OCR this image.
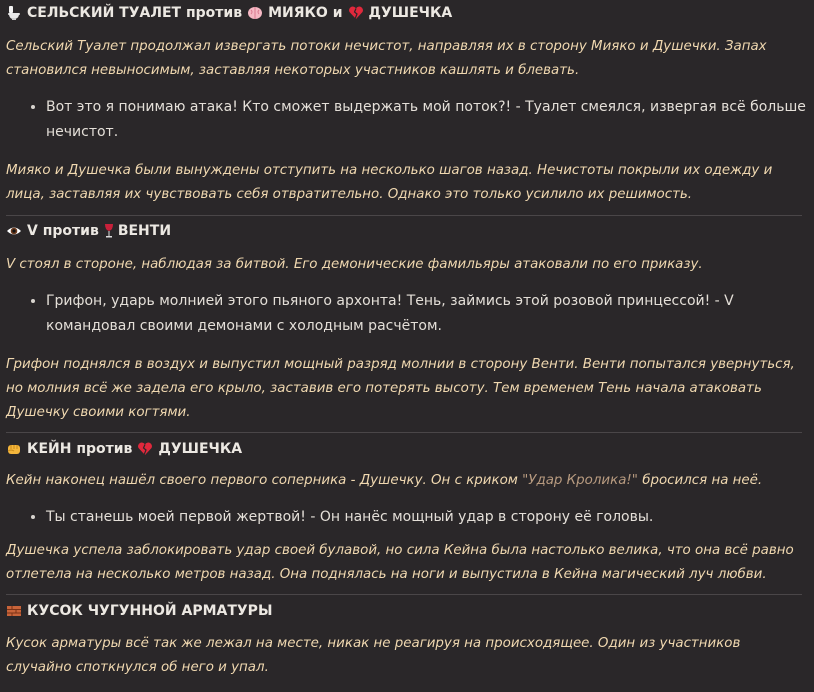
СЕЛЬСКИЙ ТУАЛЕТ против МИЯКО и ДУШЕЧКА

Сельский Туалет продолжал извергать потоки нечистот, направляя их в сторону Мияко и Душечки. Запах становился невыносимым, заставляя некоторых участников кашлять и блевать.

• Вот это я понимаю атака! Кто сможет выдержать мой поток?! - Туалет смеялся, извергая всё больше нечистот.

Мияко и Душечка были вынуждены отступить на несколько шагов назад. Нечистоты покрыли их одежду и лица, заставляя их чувствовать себя отвратительно. Однако это только усилило их решимость.

V против ВЕНТИ

V стоял в стороне, наблюдая за битвой. Его демонические фамильяры атаковали по его приказу.

• Грифон, ударь молнией этого пьяного архонта! Тень, займись этой розовой принцессой! - V командовал своими демонами с холодным расчётом.

Грифон поднялся в воздух и выпустил мощный разряд молнии в сторону Венти. Венти попытался увернуться, но молния всё же задела его крыло, заставив его потерять высоту. Тем временем Тень начала атаковать Душечку своими когтями.

КЕЙН против ДУШЕЧКА

Кейн наконец нашёл своего первого соперника - Душечку. Он с криком "Удар Кролика!" бросился на неё.

• Ты станешь моей первой жертвой! - Он нанёс мощный удар в сторону её головы.

Душечка успела заблокировать удар своей булавой, но сила Кейна была настолько велика, что она всё равно отлетела на несколько метров назад. Она поднялась на ноги и выпустила в Кейна магический луч любви.

КУСОК ЧУГУННОЙ АРМАТУРЫ

Кусок арматуры всё так же лежал на месте, никак не реагируя на происходящее. Один из участников случайно споткнулся об него и упал.
